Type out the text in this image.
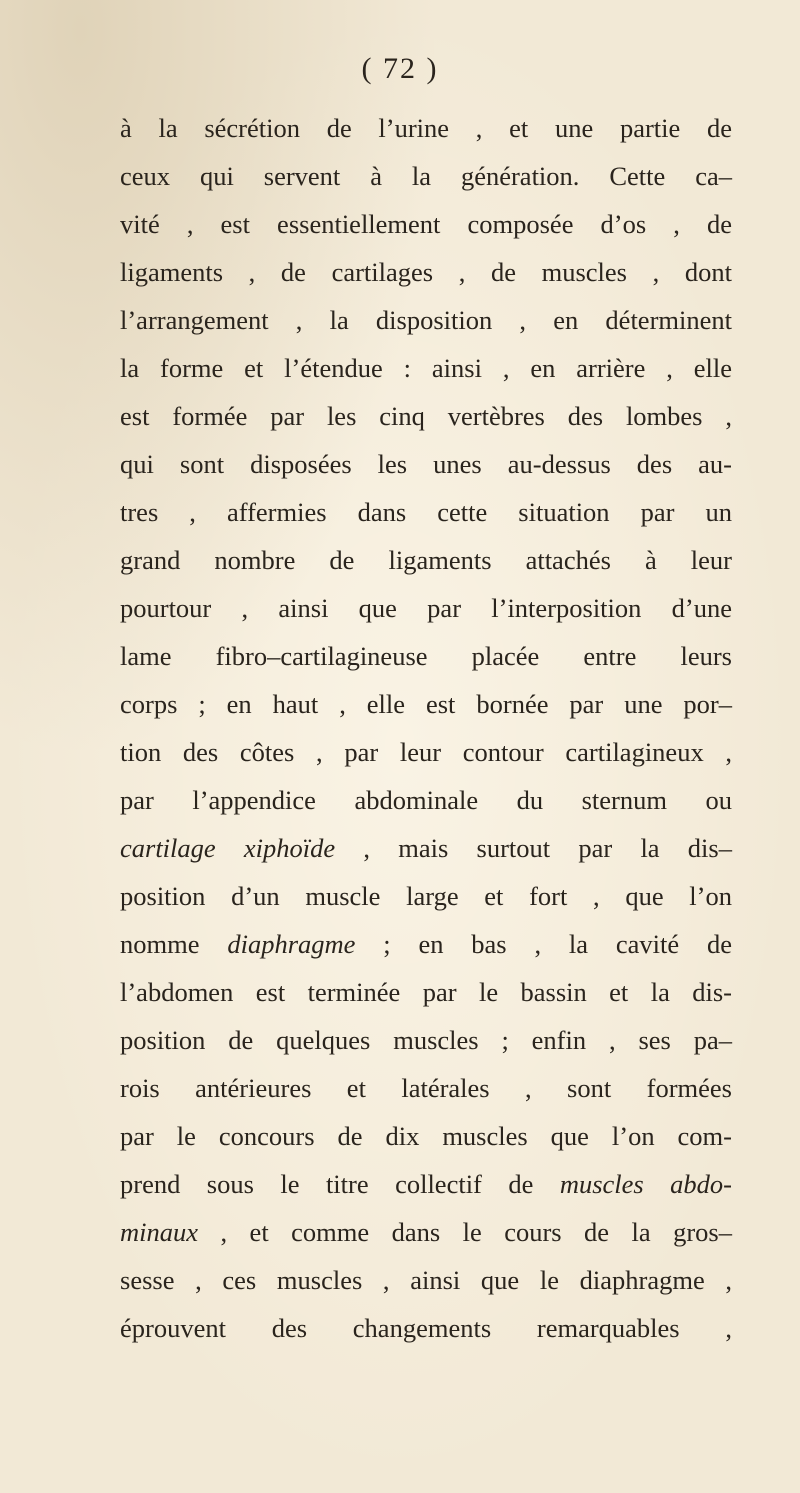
( 72 )

à la sécrétion de l’urine , et une partie de
ceux qui servent à la génération. Cette ca–
vité , est essentiellement composée d’os , de
ligaments , de cartilages , de muscles , dont
l’arrangement , la disposition , en déterminent
la forme et l’étendue : ainsi , en arrière , elle
est formée par les cinq vertèbres des lombes ,
qui sont disposées les unes au-dessus des au-
tres , affermies dans cette situation par un
grand nombre de ligaments attachés à leur
pourtour , ainsi que par l’interposition d’une
lame fibro–cartilagineuse placée entre leurs
corps ; en haut , elle est bornée par une por–
tion des côtes , par leur contour cartilagineux ,
par l’appendice abdominale du sternum ou
cartilage xiphoïde , mais surtout par la dis–
position d’un muscle large et fort , que l’on
nomme diaphragme ; en bas , la cavité de
l’abdomen est terminée par le bassin et la dis-
position de quelques muscles ; enfin , ses pa–
rois antérieures et latérales , sont formées
par le concours de dix muscles que l’on com-
prend sous le titre collectif de muscles abdo-
minaux , et comme dans le cours de la gros–
sesse , ces muscles , ainsi que le diaphragme ,
éprouvent des changements remarquables ,
